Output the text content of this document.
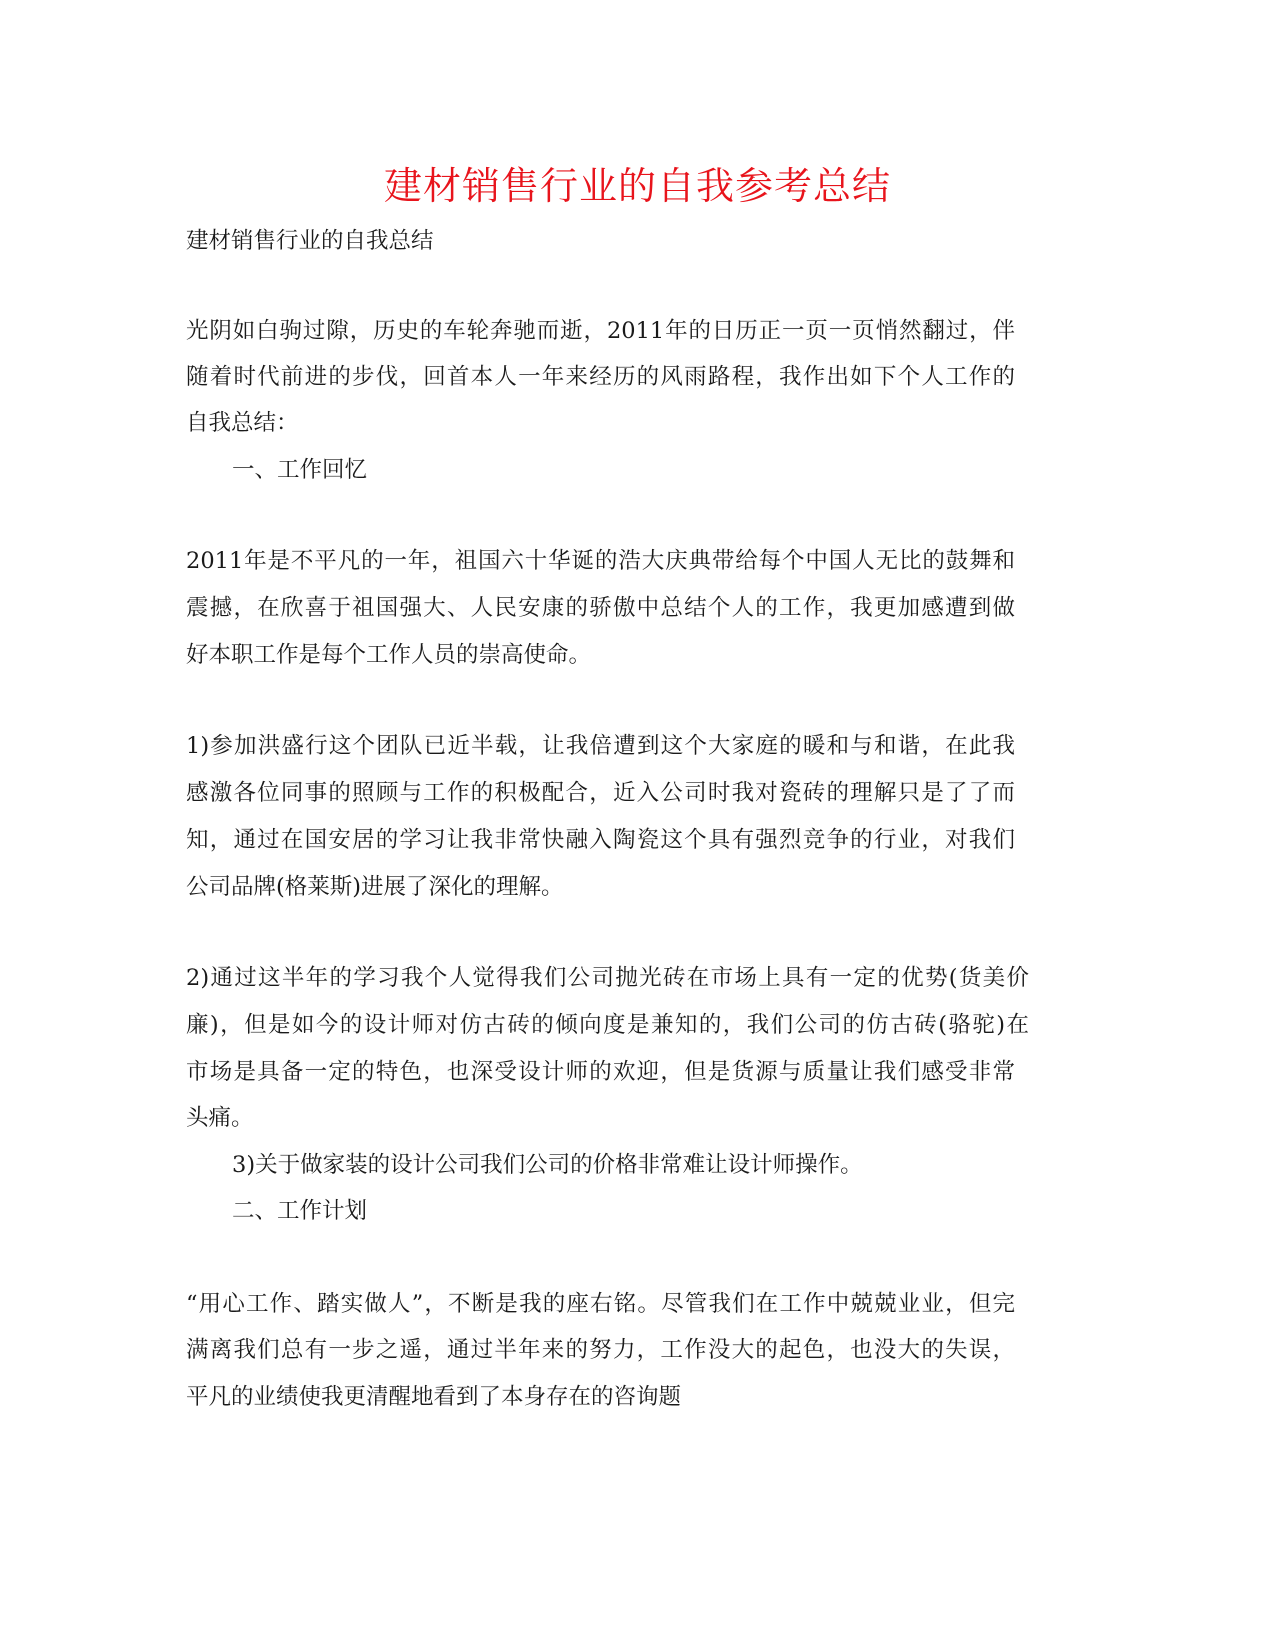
建材销售行业的自我参考总结

建材销售行业的自我总结

光阴如白驹过隙，历史的车轮奔驰而逝，2011年的日历正一页一页悄然翻过，伴

随着时代前进的步伐，回首本人一年来经历的风雨路程，我作出如下个人工作的

自我总结：

一、工作回忆

2011年是不平凡的一年，祖国六十华诞的浩大庆典带给每个中国人无比的鼓舞和

震撼，在欣喜于祖国强大、人民安康的骄傲中总结个人的工作，我更加感遭到做

好本职工作是每个工作人员的崇高使命。

1)参加洪盛行这个团队已近半载，让我倍遭到这个大家庭的暖和与和谐，在此我

感激各位同事的照顾与工作的积极配合，近入公司时我对瓷砖的理解只是了了而

知，通过在国安居的学习让我非常快融入陶瓷这个具有强烈竞争的行业，对我们

公司品牌(格莱斯)进展了深化的理解。

2)通过这半年的学习我个人觉得我们公司抛光砖在市场上具有一定的优势(货美价

廉)，但是如今的设计师对仿古砖的倾向度是兼知的，我们公司的仿古砖(骆驼)在

市场是具备一定的特色，也深受设计师的欢迎，但是货源与质量让我们感受非常

头痛。

3)关于做家装的设计公司我们公司的价格非常难让设计师操作。

二、工作计划

“用心工作、踏实做人”，不断是我的座右铭。尽管我们在工作中兢兢业业，但完

满离我们总有一步之遥，通过半年来的努力，工作没大的起色，也没大的失误，

平凡的业绩使我更清醒地看到了本身存在的咨询题
